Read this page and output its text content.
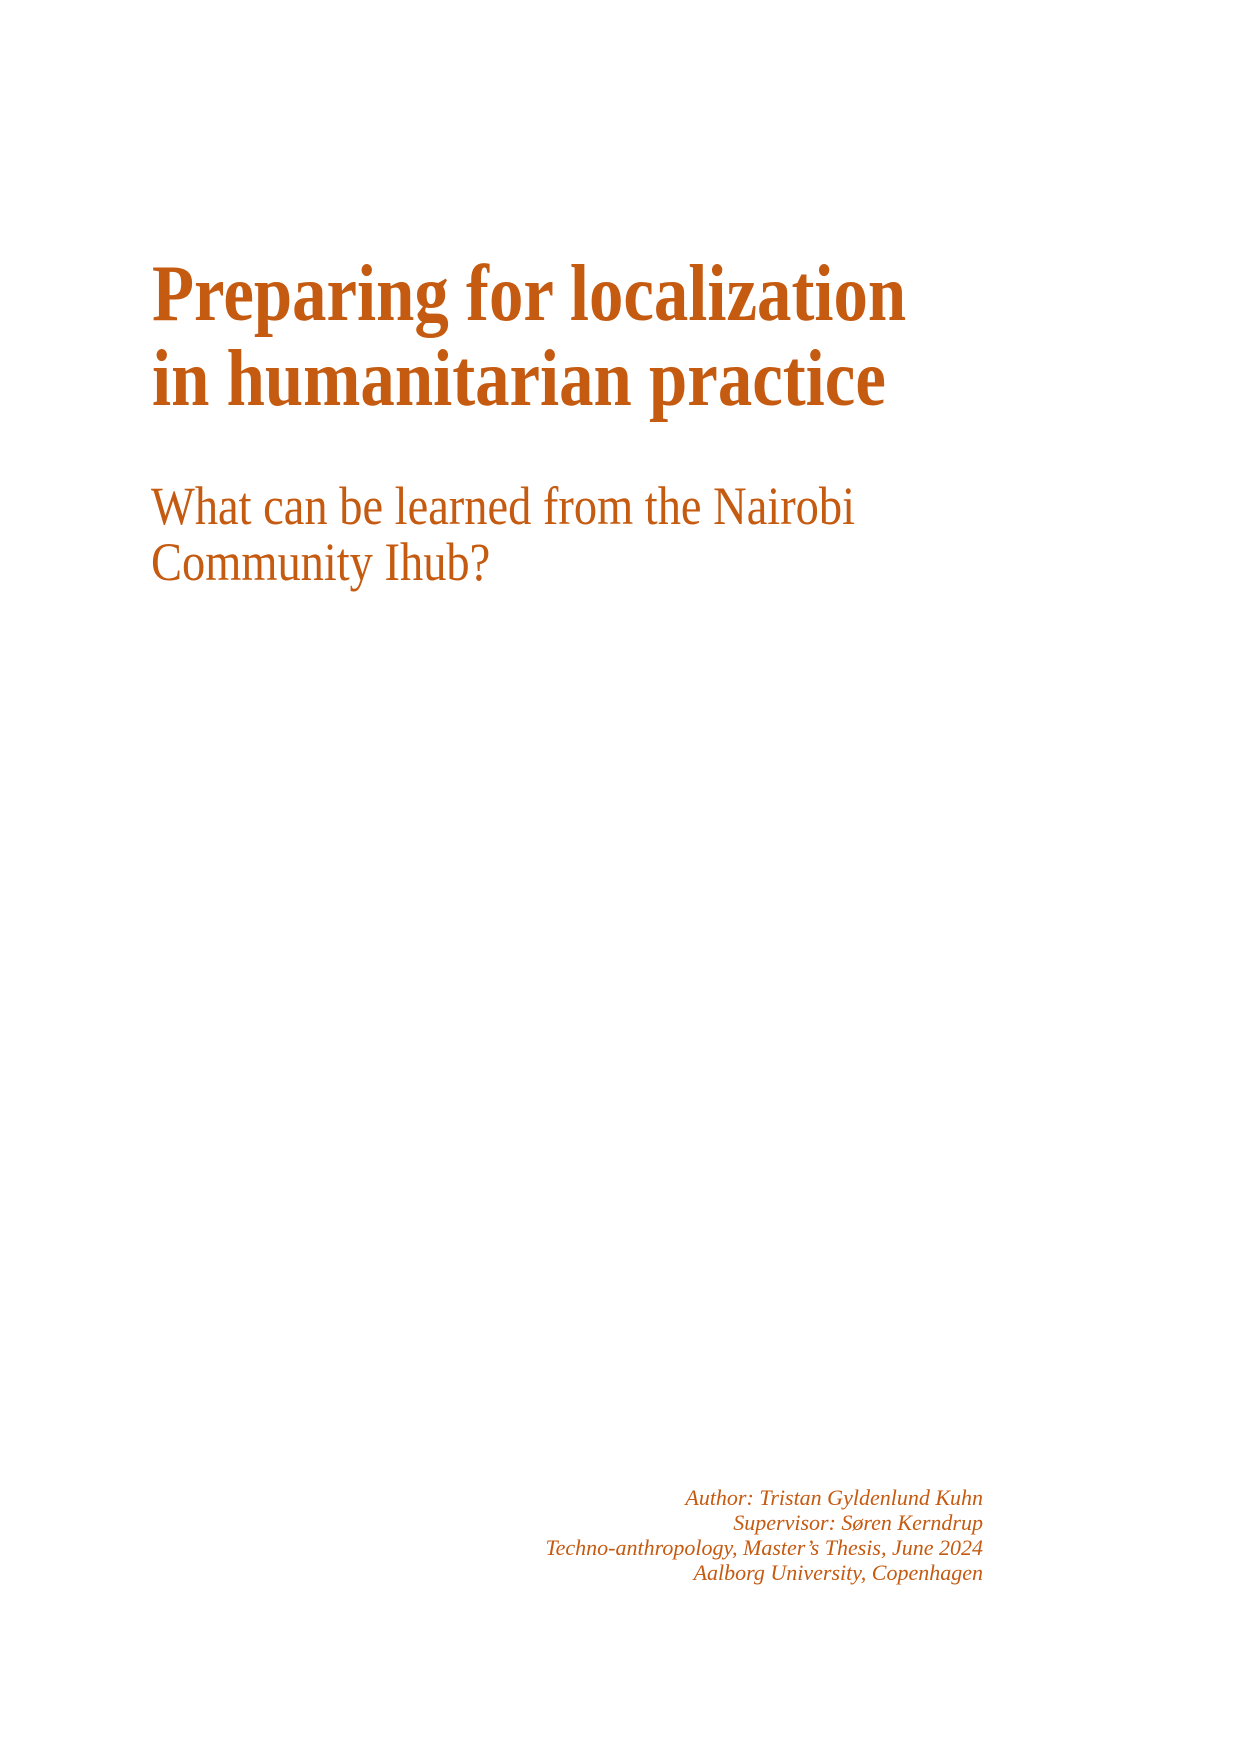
Preparing for localization
in humanitarian practice
What can be learned from the Nairobi
Community Ihub?
Author: Tristan Gyldenlund Kuhn
Supervisor: Søren Kerndrup
Techno-anthropology, Master’s Thesis, June 2024
Aalborg University, Copenhagen
